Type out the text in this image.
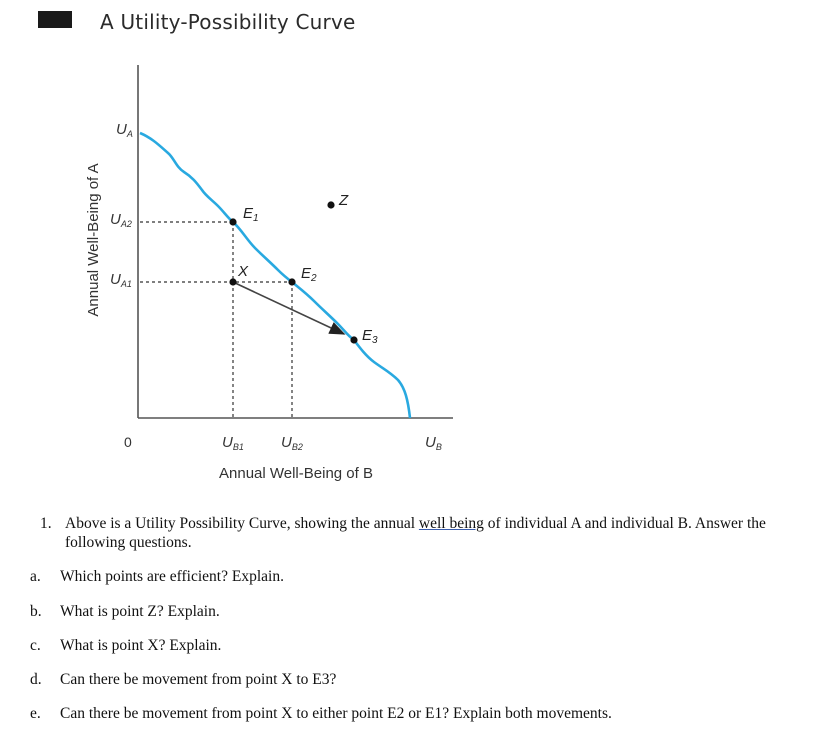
A Utility-Possibility Curve
$E_1$
X	$E_2$
$E_3$
Z
$U_A$
$U_{A2}$
$U_{A1}$
0	$U_{B1}$ $U_{B2}$	$U_B$
Annual Well-Being of B
Annual Well-Being of A
1. Above is a Utility Possibility Curve, showing the annual well being of individual A and individual B. Answer the following questions.
a. Which points are efficient? Explain.
b. What is point Z? Explain.
c. What is point X? Explain.
d. Can there be movement from point X to E3?
e. Can there be movement from point X to either point E2 or E1? Explain both movements.
